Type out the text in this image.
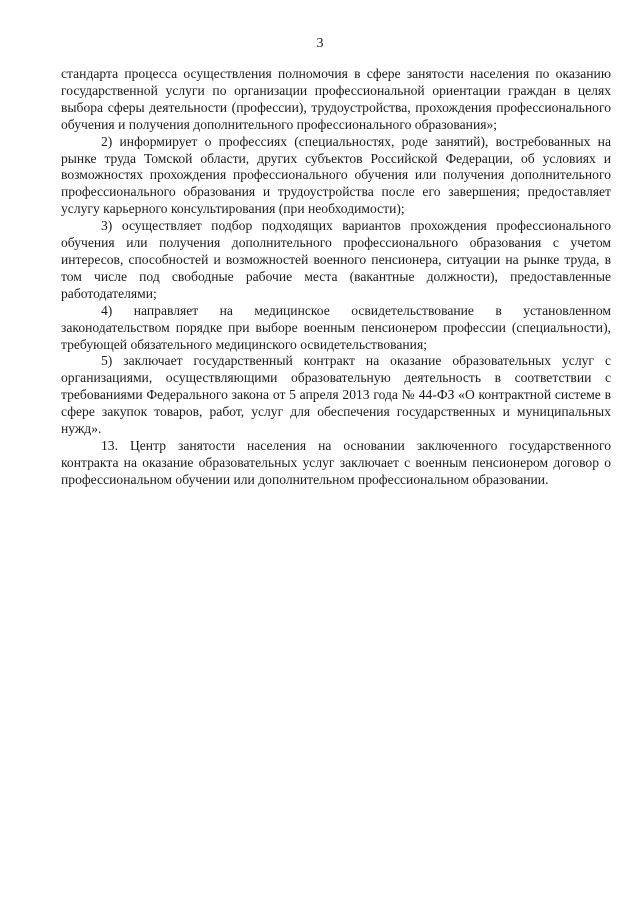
3

стандарта процесса осуществления полномочия в сфере занятости населения по оказанию государственной услуги по организации профессиональной ориентации граждан в целях выбора сферы деятельности (профессии), трудоустройства, прохождения профессионального обучения и получения дополнительного профессионального образования»;

2) информирует о профессиях (специальностях, роде занятий), востребованных на рынке труда Томской области, других субъектов Российской Федерации, об условиях и возможностях прохождения профессионального обучения или получения дополнительного профессионального образования и трудоустройства после его завершения; предоставляет услугу карьерного консультирования (при необходимости);

3) осуществляет подбор подходящих вариантов прохождения профессионального обучения или получения дополнительного профессионального образования с учетом интересов, способностей и возможностей военного пенсионера, ситуации на рынке труда, в том числе под свободные рабочие места (вакантные должности), предоставленные работодателями;

4) направляет на медицинское освидетельствование в установленном законодательством порядке при выборе военным пенсионером профессии (специальности), требующей обязательного медицинского освидетельствования;

5) заключает государственный контракт на оказание образовательных услуг с организациями, осуществляющими образовательную деятельность в соответствии с требованиями Федерального закона от 5 апреля 2013 года № 44-ФЗ «О контрактной системе в сфере закупок товаров, работ, услуг для обеспечения государственных и муниципальных нужд».

13. Центр занятости населения на основании заключенного государственного контракта на оказание образовательных услуг заключает с военным пенсионером договор о профессиональном обучении или дополнительном профессиональном образовании.
